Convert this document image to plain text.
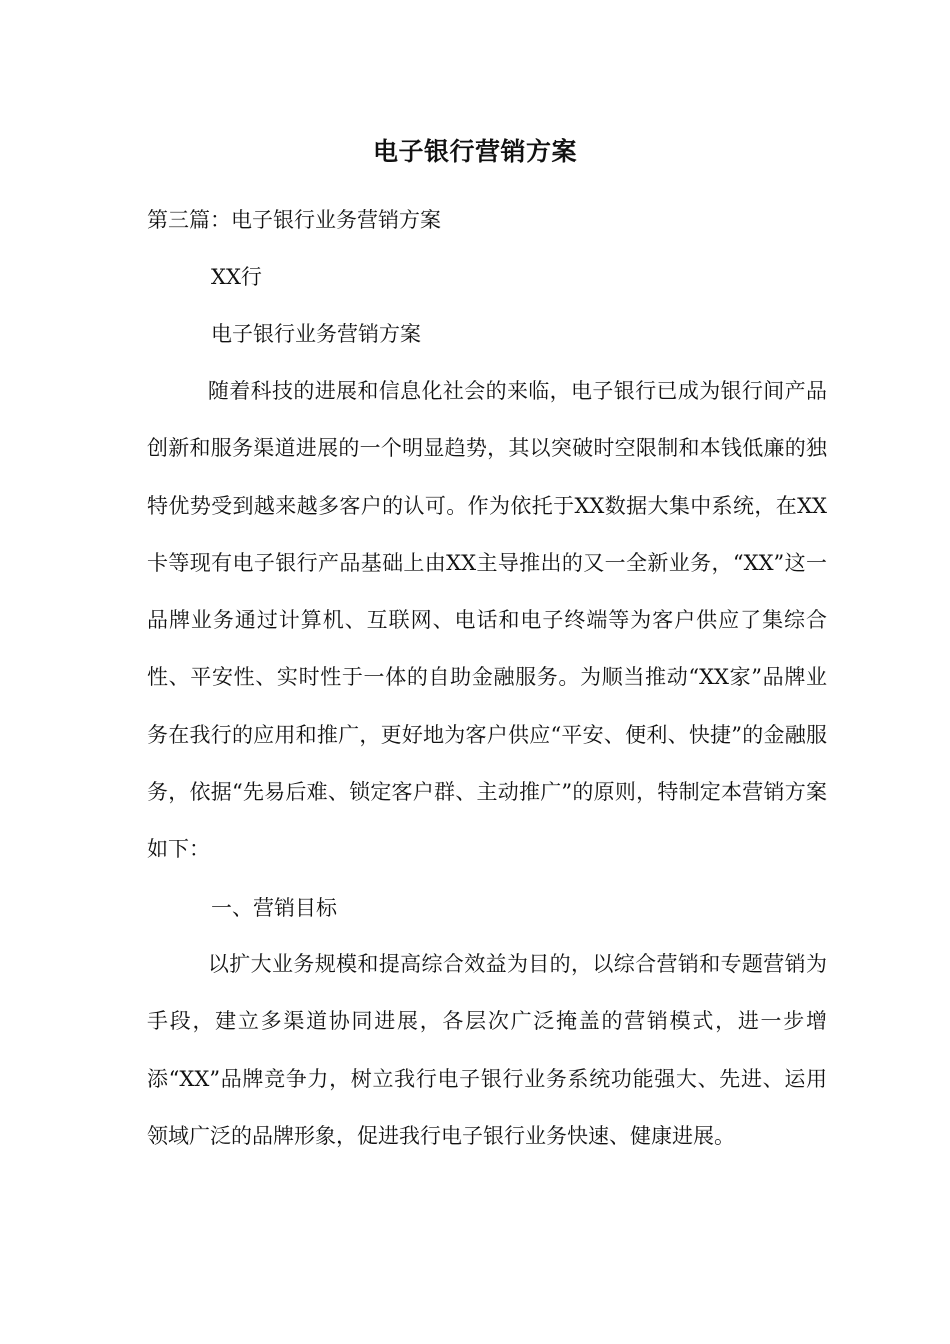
电子银行营销方案
第三篇：电子银行业务营销方案
XX行
电子银行业务营销方案
随着科技的进展和信息化社会的来临，电子银行已成为银行间产品创新和服务渠道进展的一个明显趋势，其以突破时空限制和本钱低廉的独特优势受到越来越多客户的认可。作为依托于XX数据大集中系统，在XX卡等现有电子银行产品基础上由XX主导推出的又一全新业务，“XX”这一品牌业务通过计算机、互联网、电话和电子终端等为客户供应了集综合性、平安性、实时性于一体的自助金融服务。为顺当推动“XX家”品牌业务在我行的应用和推广，更好地为客户供应“平安、便利、快捷”的金融服务，依据“先易后难、锁定客户群、主动推广”的原则，特制定本营销方案如下：
一、营销目标
以扩大业务规模和提高综合效益为目的，以综合营销和专题营销为手段，建立多渠道协同进展，各层次广泛掩盖的营销模式，进一步增添“XX”品牌竞争力，树立我行电子银行业务系统功能强大、先进、运用领域广泛的品牌形象，促进我行电子银行业务快速、健康进展。
